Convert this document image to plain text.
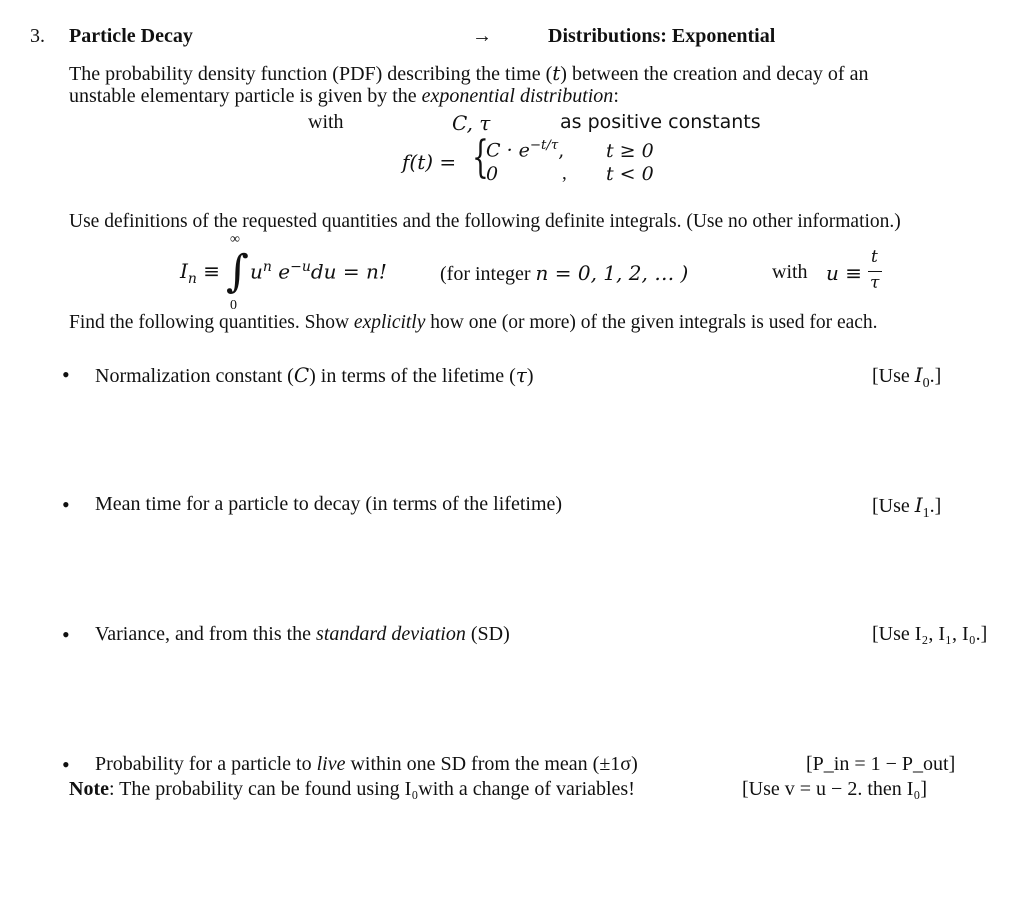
3. Particle Decay	→	Distributions: Exponential
The probability density function (PDF) describing the time (t) between the creation and decay of an
unstable elementary particle is given by the exponential distribution:
with	C, τ	as positive constants
f(t) = {
$C \cdot e^{-t/\tau}$, t ≥ 0
0	, t < 0
Use definitions of the requested quantities and the following definite integrals. (Use no other information.)
$I_n$ ≡
∞
∫
0
$u^n$ $e^{-u}du = n$!	(for integer n = 0, 1, 2, … )	with u ≡
t
τ
Find the following quantities. Show explicitly how one (or more) of the given integrals is used for each.
• Normalization constant (C) in terms of the lifetime (τ)	[Use $I_0$.]
• Mean time for a particle to decay (in terms of the lifetime)	[Use $I_1$.]
• Variance, and from this the standard deviation (SD)	[Use I₂, I₁, I₀.]
• Probability for a particle to live within one SD from the mean (±1σ)	[P_in = 1 − P_out]
Note: The probability can be found using I₀with a change of variables!	[Use v = u − 2. then I₀]
